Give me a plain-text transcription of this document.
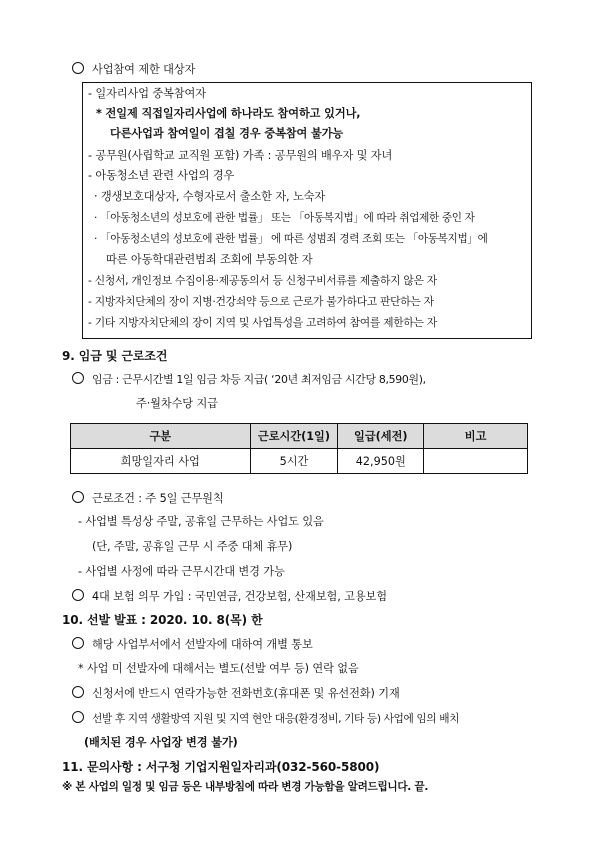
사업참여 제한 대상자
- 일자리사업 중복참여자
* 전일제 직접일자리사업에 하나라도 참여하고 있거나,
다른사업과 참여일이 겹칠 경우 중복참여 불가능
- 공무원(사립학교 교직원 포함) 가족 : 공무원의 배우자 및 자녀
- 아동청소년 관련 사업의 경우
· 갱생보호대상자, 수형자로서 출소한 자, 노숙자
· 「아동청소년의 성보호에 관한 법률」 또는 「아동복지법」에 따라 취업제한 중인 자
· 「아동청소년의 성보호에 관한 법률」 에 따른 성범죄 경력 조회 또는 「아동복지법」에
따른 아동학대관련범죄 조회에 부동의한 자
- 신청서, 개인정보 수집이용·제공동의서 등 신청구비서류를 제출하지 않은 자
- 지방자치단체의 장이 지병·건강쇠약 등으로 근로가 불가하다고 판단하는 자
- 기타 지방자치단체의 장이 지역 및 사업특성을 고려하여 참여를 제한하는 자
9. 임금 및 근로조건
임금 : 근무시간별 1일 임금 차등 지급( ‘20년 최저임금 시간당 8,590원),
주·월차수당 지급
구분	근로시간(1일)	일급(세전)	비고
희망일자리 사업	5시간	42,950원	
근로조건 : 주 5일 근무원칙
- 사업별 특성상 주말, 공휴일 근무하는 사업도 있음
(단, 주말, 공휴일 근무 시 주중 대체 휴무)
- 사업별 사정에 따라 근무시간대 변경 가능
4대 보험 의무 가입 : 국민연금, 건강보험, 산재보험, 고용보험
10. 선발 발표 : 2020. 10. 8(목) 한
해당 사업부서에서 선발자에 대하여 개별 통보
* 사업 미 선발자에 대해서는 별도(선발 여부 등) 연락 없음
신청서에 반드시 연락가능한 전화번호(휴대폰 및 유선전화) 기재
선발 후 지역 생활방역 지원 및 지역 현안 대응(환경정비, 기타 등) 사업에 임의 배치
(배치된 경우 사업장 변경 불가)
11. 문의사항 : 서구청 기업지원일자리과(032-560-5800)
※ 본 사업의 일정 및 임금 등은 내부방침에 따라 변경 가능함을 알려드립니다. 끝.
